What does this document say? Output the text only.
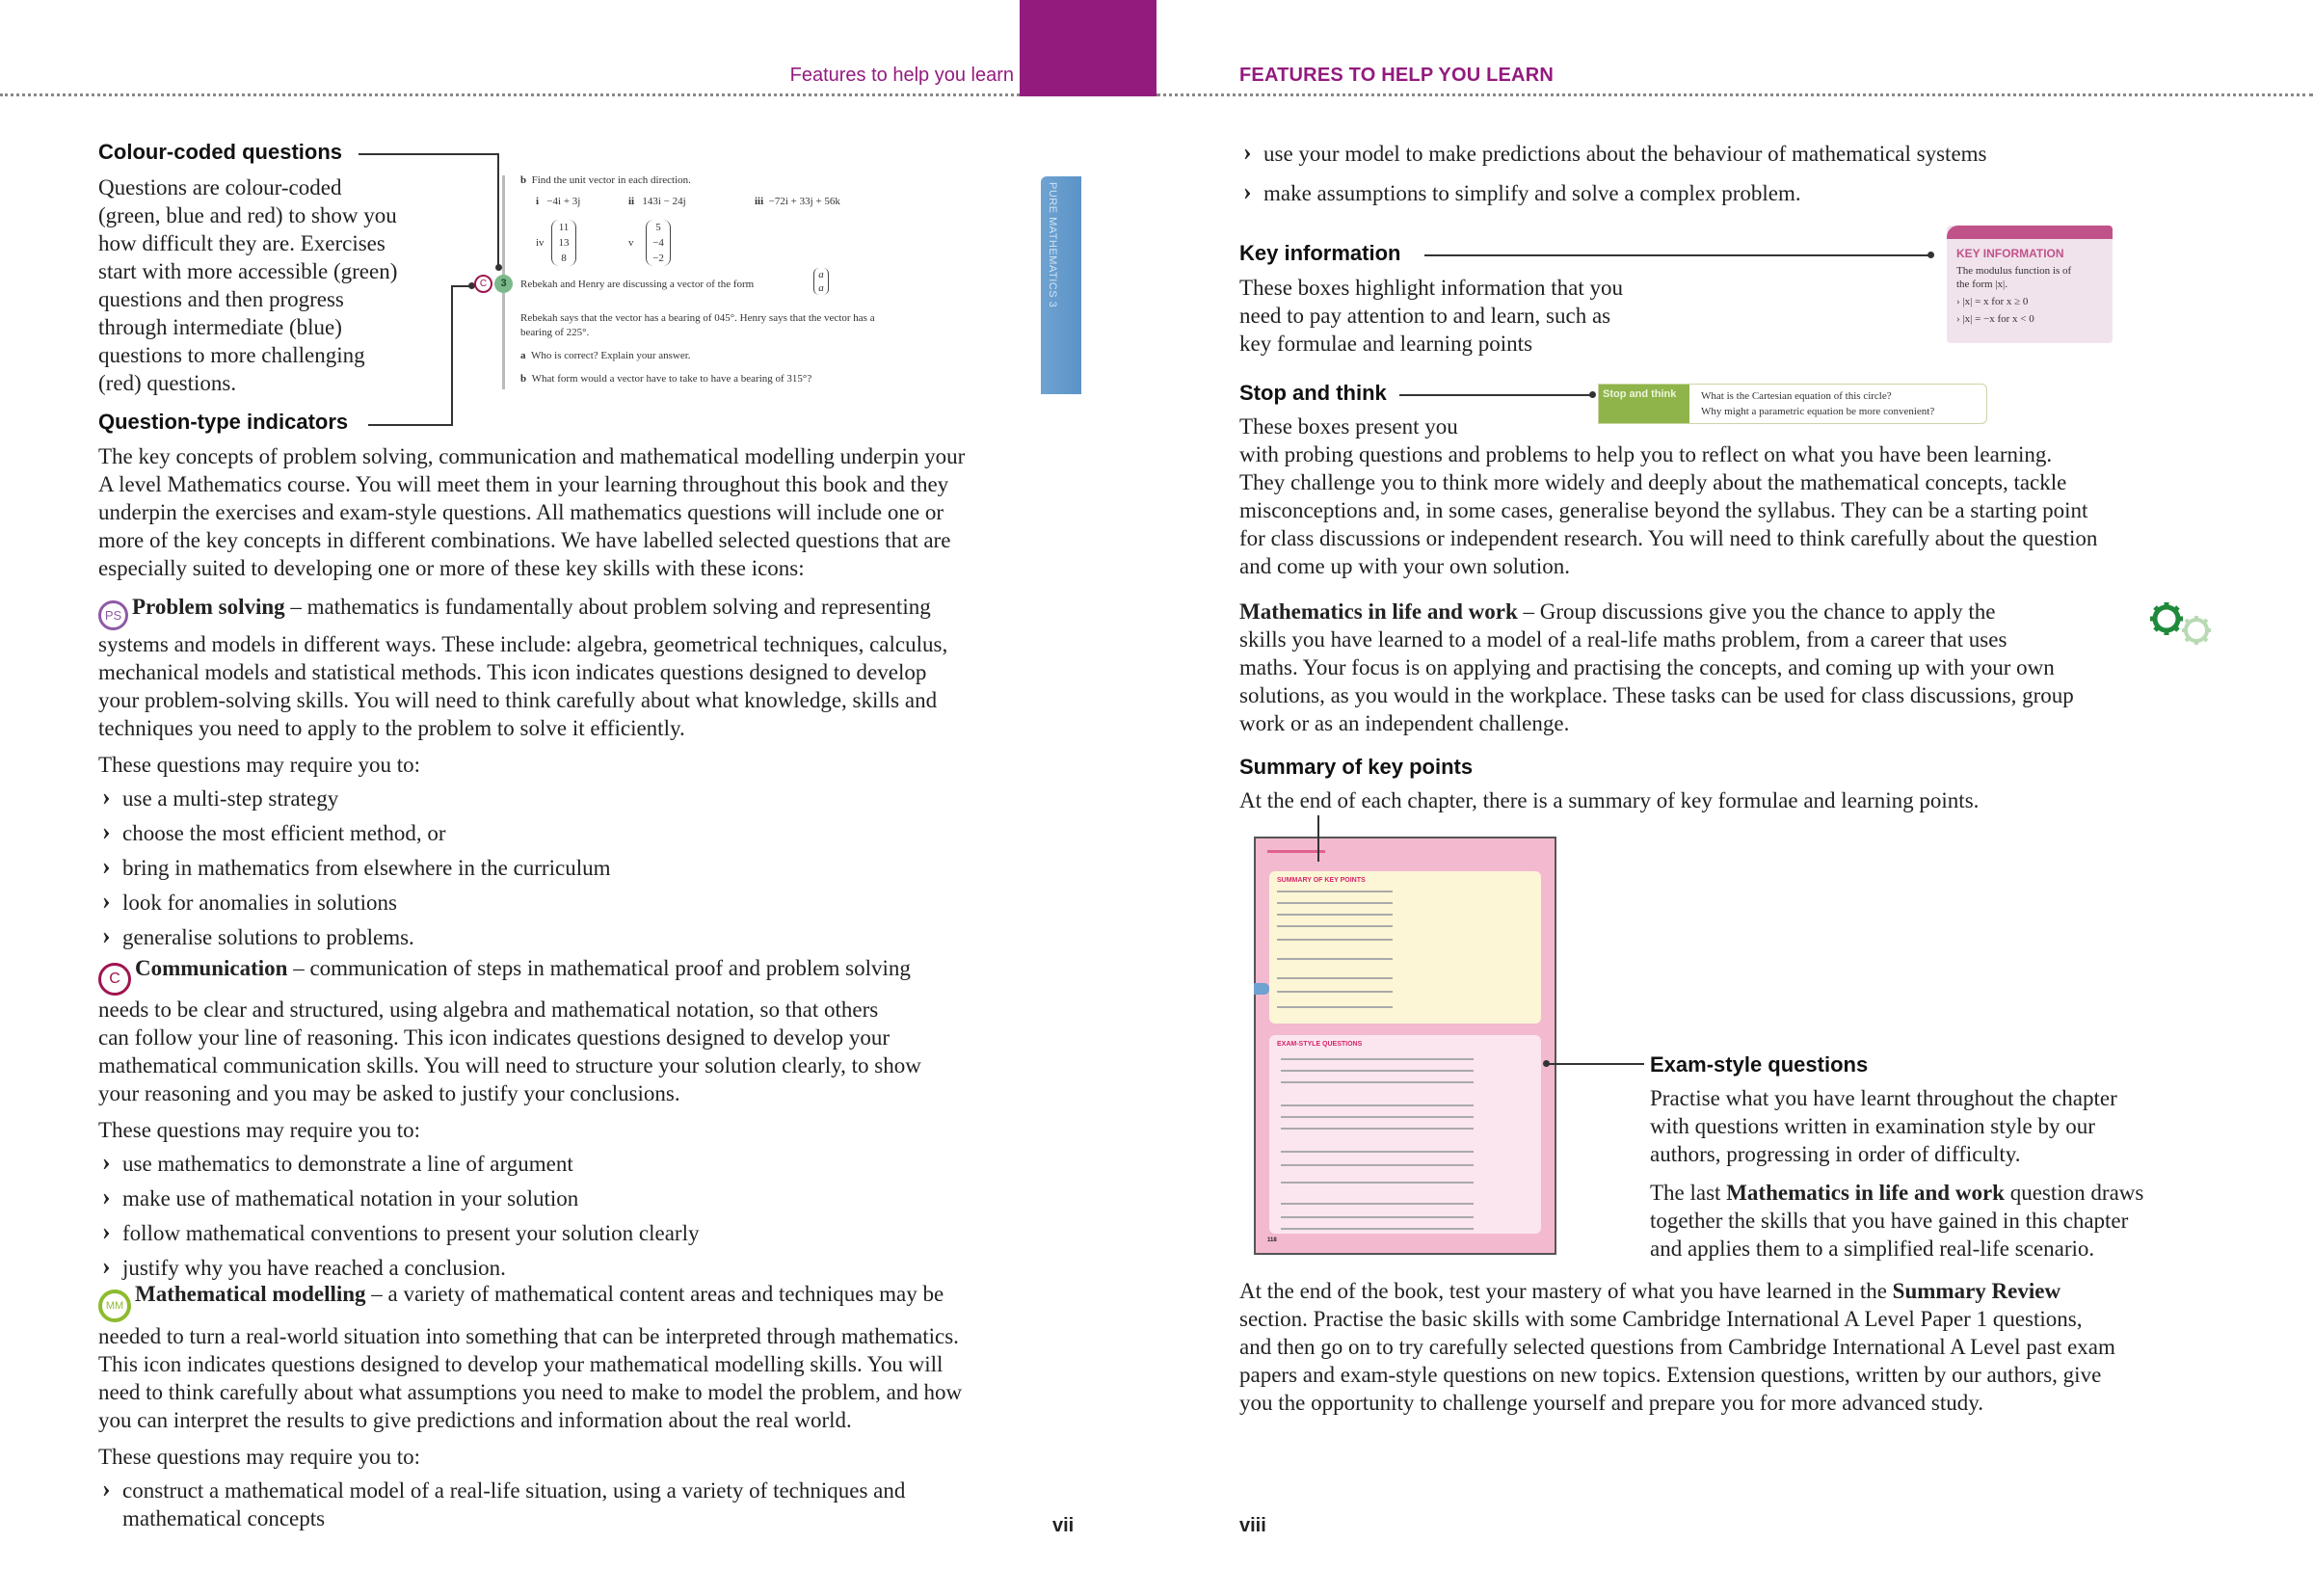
Features to help you learn	FEATURES TO HELP YOU LEARN
Colour-coded questions
Questions are colour-coded
(green, blue and red) to show you
how difficult they are. Exercises
start with more accessible (green)
questions and then progress
through intermediate (blue)
questions to more challenging
(red) questions.
Question-type indicators
b Find the unit vector in each direction.
i −4i + 3j	ii 143i − 24j	iii −72i + 33j + 56k
iv
11
13
8
v
5
−4
−2
C	3	Rebekah and Henry are discussing a vector of the form
a
a
Rebekah says that the vector has a bearing of 045°. Henry says that the vector has a
bearing of 225°.
a Who is correct? Explain your answer.
b What form would a vector have to take to have a bearing of 315°?
PURE MATHEMATICS 3
The key concepts of problem solving, communication and mathematical modelling underpin your
A level Mathematics course. You will meet them in your learning throughout this book and they
underpin the exercises and exam-style questions. All mathematics questions will include one or
more of the key concepts in different combinations. We have labelled selected questions that are
especially suited to developing one or more of these key skills with these icons:
PS Problem solving – mathematics is fundamentally about problem solving and representing
systems and models in different ways. These include: algebra, geometrical techniques, calculus,
mechanical models and statistical methods. This icon indicates questions designed to develop
your problem-solving skills. You will need to think carefully about what knowledge, skills and
techniques you need to apply to the problem to solve it efficiently.
These questions may require you to:
› use a multi-step strategy
› choose the most efficient method, or
› bring in mathematics from elsewhere in the curriculum
› look for anomalies in solutions
› generalise solutions to problems.
C Communication – communication of steps in mathematical proof and problem solving
needs to be clear and structured, using algebra and mathematical notation, so that others
can follow your line of reasoning. This icon indicates questions designed to develop your
mathematical communication skills. You will need to structure your solution clearly, to show
your reasoning and you may be asked to justify your conclusions.
These questions may require you to:
› use mathematics to demonstrate a line of argument
› make use of mathematical notation in your solution
› follow mathematical conventions to present your solution clearly
› justify why you have reached a conclusion.
MM Mathematical modelling – a variety of mathematical content areas and techniques may be
needed to turn a real-world situation into something that can be interpreted through mathematics.
This icon indicates questions designed to develop your mathematical modelling skills. You will
need to think carefully about what assumptions you need to make to model the problem, and how
you can interpret the results to give predictions and information about the real world.
These questions may require you to:
› construct a mathematical model of a real-life situation, using a variety of techniques and
mathematical concepts	vii
› use your model to make predictions about the behaviour of mathematical systems
› make assumptions to simplify and solve a complex problem.
Key information
These boxes highlight information that you
need to pay attention to and learn, such as
key formulae and learning points
KEY INFORMATION
The modulus function is of
the form |x|.
› |x| = x for x ≥ 0
› |x| = −x for x < 0
Stop and think	Stop and think	What is the Cartesian equation of this circle?
Why might a parametric equation be more convenient?
These boxes present you
with probing questions and problems to help you to reflect on what you have been learning.
They challenge you to think more widely and deeply about the mathematical concepts, tackle
misconceptions and, in some cases, generalise beyond the syllabus. They can be a starting point
for class discussions or independent research. You will need to think carefully about the question
and come up with your own solution.
Mathematics in life and work – Group discussions give you the chance to apply the
skills you have learned to a model of a real-life maths problem, from a career that uses
maths. Your focus is on applying and practising the concepts, and coming up with your own
solutions, as you would in the workplace. These tasks can be used for class discussions, group
work or as an independent challenge.
Summary of key points
At the end of each chapter, there is a summary of key formulae and learning points.
SUMMARY OF KEY POINTS
EXAM-STYLE QUESTIONS
118
Exam-style questions
Practise what you have learnt throughout the chapter
with questions written in examination style by our
authors, progressing in order of difficulty.
The last Mathematics in life and work question draws
together the skills that you have gained in this chapter
and applies them to a simplified real-life scenario.
At the end of the book, test your mastery of what you have learned in the Summary Review
section. Practise the basic skills with some Cambridge International A Level Paper 1 questions,
and then go on to try carefully selected questions from Cambridge International A Level past exam
papers and exam-style questions on new topics. Extension questions, written by our authors, give
you the opportunity to challenge yourself and prepare you for more advanced study.
viii
